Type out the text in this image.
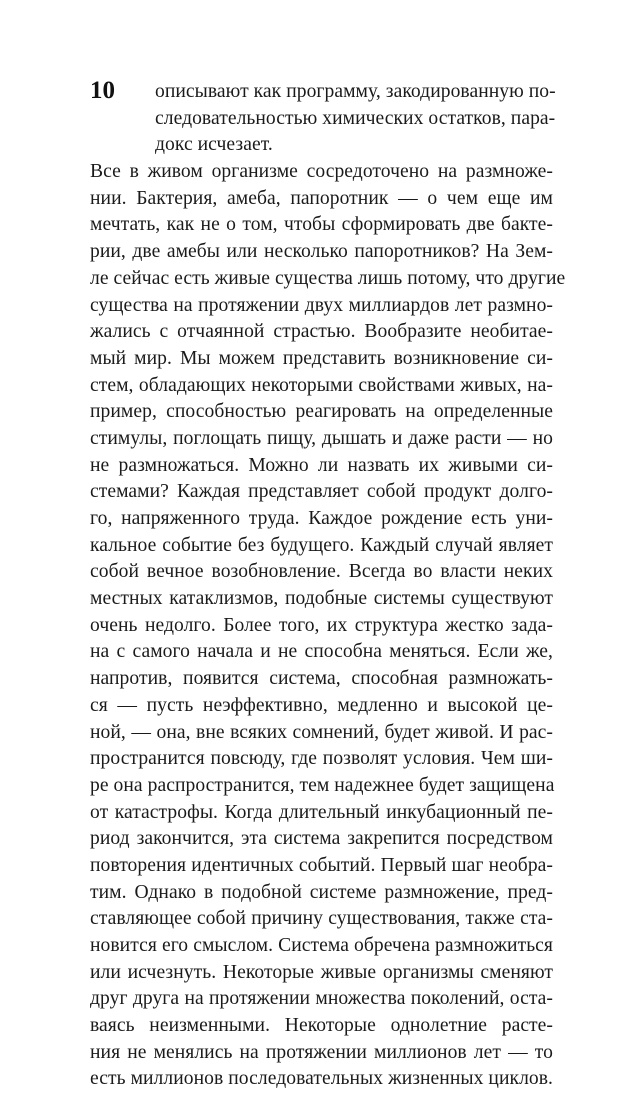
10 описывают как программу, закодированную по-
следовательностью химических остатков, пара-
докс исчезает.
Все в живом организме сосредоточено на размноже-
нии. Бактерия, амеба, папоротник — о чем еще им
мечтать, как не о том, чтобы сформировать две бакте-
рии, две амебы или несколько папоротников? На Зем-
ле сейчас есть живые существа лишь потому, что другие
существа на протяжении двух миллиардов лет размно-
жались с отчаянной страстью. Вообразите необитае-
мый мир. Мы можем представить возникновение си-
стем, обладающих некоторыми свойствами живых, на-
пример, способностью реагировать на определенные
стимулы, поглощать пищу, дышать и даже расти — но
не размножаться. Можно ли назвать их живыми си-
стемами? Каждая представляет собой продукт долго-
го, напряженного труда. Каждое рождение есть уни-
кальное событие без будущего. Каждый случай являет
собой вечное возобновление. Всегда во власти неких
местных катаклизмов, подобные системы существуют
очень недолго. Более того, их структура жестко зада-
на с самого начала и не способна меняться. Если же,
напротив, появится система, способная размножать-
ся — пусть неэффективно, медленно и высокой це-
ной, — она, вне всяких сомнений, будет живой. И рас-
пространится повсюду, где позволят условия. Чем ши-
ре она распространится, тем надежнее будет защищена
от катастрофы. Когда длительный инкубационный пе-
риод закончится, эта система закрепится посредством
повторения идентичных событий. Первый шаг необра-
тим. Однако в подобной системе размножение, пред-
ставляющее собой причину существования, также ста-
новится его смыслом. Система обречена размножиться
или исчезнуть. Некоторые живые организмы сменяют
друг друга на протяжении множества поколений, оста-
ваясь неизменными. Некоторые однолетние расте-
ния не менялись на протяжении миллионов лет — то
есть миллионов последовательных жизненных циклов.
